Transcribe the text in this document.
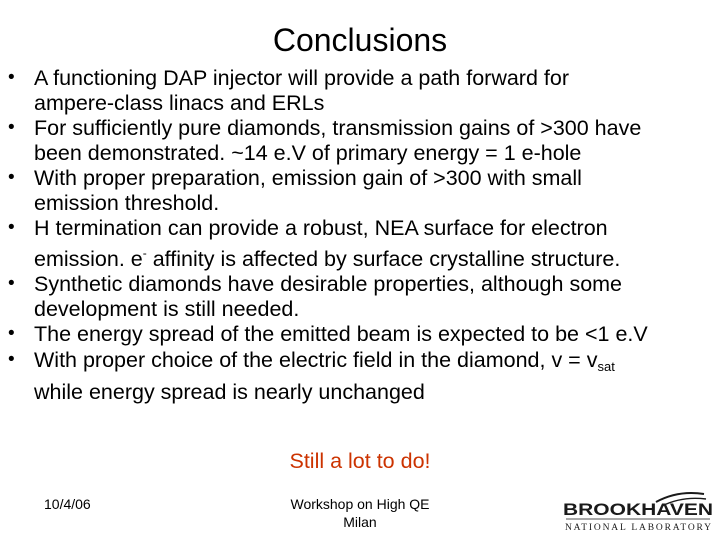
Conclusions
• A functioning DAP injector will provide a path forward for
ampere-class linacs and ERLs
• For sufficiently pure diamonds, transmission gains of >300 have
been demonstrated. ~14 e.V of primary energy = 1 e-hole
• With proper preparation, emission gain of >300 with small
emission threshold.
• H termination can provide a robust, NEA surface for electron
emission. e- affinity is affected by surface crystalline structure.
• Synthetic diamonds have desirable properties, although some
development is still needed.
• The energy spread of the emitted beam is expected to be <1 e.V
• With proper choice of the electric field in the diamond, $v = v_{sat}$
while energy spread is nearly unchanged
Still a lot to do!
10/4/06	Workshop on High QE
Milan
BROOKHAVEN
NATIONAL LABORATORY
